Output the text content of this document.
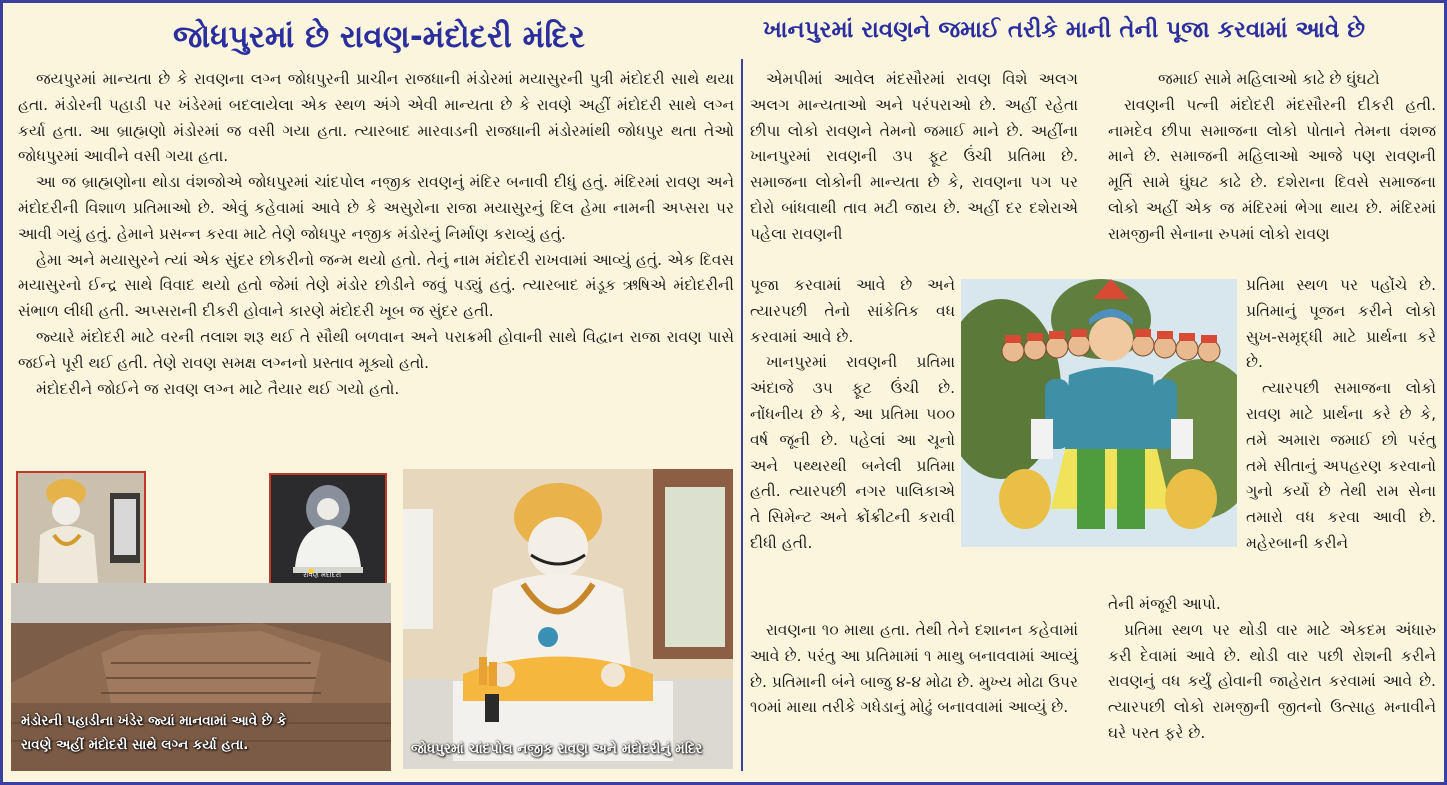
જોધપુરમાં છે રાવણ-મંદોદરી મંદિર	ખાનપુરમાં રાવણને જમાઈ તરીકે માની તેની પૂજા કરવામાં આવે છે

જયપુરમાં માન્યતા છે કે રાવણના લગ્ન જોધપુરની પ્રાચીન રાજધાની મંડોરમાં મયાસુરની પુત્રી મંદોદરી સાથે થયા હતા. મંડોરની પહાડી પર ખંડેરમાં બદલાયેલા એક સ્થળ અંગે એવી માન્યતા છે કે રાવણે અહીં મંદોદરી સાથે લગ્ન કર્યા હતા. આ બ્રાહ્મણો મંડોરમાં જ વસી ગયા હતા. ત્યારબાદ મારવાડની રાજધાની મંડોરમાંથી જોધપુર થતા તેઓ જોધપુરમાં આવીને વસી ગયા હતા.

આ જ બ્રાહ્મણોના થોડા વંશજોએ જોધપુરમાં ચાંદપોલ નજીક રાવણનું મંદિર બનાવી દીધું હતું. મંદિરમાં રાવણ અને મંદોદરીની વિશાળ પ્રતિમાઓ છે. એવું કહેવામાં આવે છે કે અસુરોના રાજા મયાસુરનું દિલ હેમા નામની અપ્સરા પર આવી ગયું હતું. હેમાને પ્રસન્ન કરવા માટે તેણે જોધપુર નજીક મંડોરનું નિર્માણ કરાવ્યું હતું.

હેમા અને મયાસુરને ત્યાં એક સુંદર છોકરીનો જન્મ થયો હતો. તેનું નામ મંદોદરી રાખવામાં આવ્યું હતું. એક દિવસ મયાસુરનો ઈન્દ્ર સાથે વિવાદ થયો હતો જેમાં તેણે મંડોર છોડીને જવું પડ્યું હતું. ત્યારબાદ મંડૂક ઋષિએ મંદોદરીની સંભાળ લીધી હતી. અપ્સરાની દીકરી હોવાને કારણે મંદોદરી ખૂબ જ સુંદર હતી.

જ્યારે મંદોદરી માટે વરની તલાશ શરૂ થઈ તે સૌથી બળવાન અને પરાક્રમી હોવાની સાથે વિદ્વાન રાજા રાવણ પાસે જઈને પૂરી થઈ હતી. તેણે રાવણ સમક્ષ લગ્નનો પ્રસ્તાવ મૂક્યો હતો.

મંદોદરીને જોઈને જ રાવણ લગ્ન માટે તૈયાર થઈ ગયો હતો.

રાવણ મંદોદરી
મંડોરની પહાડીના ખંડેર જ્યાં માનવામાં આવે છે કે
રાવણે અહીં મંદોદરી સાથે લગ્ન કર્યા હતા.	જોધપુરમાં ચાંદપોલ નજીક રાવણ અને મંદોદરીનું મંદિર

એમપીમાં આવેલ મંદસૌરમાં રાવણ વિશે અલગ અલગ માન્યતાઓ અને પરંપરાઓ છે. અહીં રહેતા છીપા લોકો રાવણને તેમનો જમાઈ માને છે. અહીંના ખાનપુરમાં રાવણની ૩૫ ફૂટ ઉંચી પ્રતિમા છે. સમાજના લોકોની માન્યતા છે કે, રાવણના પગ પર દોરો બાંધવાથી તાવ મટી જાય છે. અહીં દર દશેરાએ પહેલા રાવણની

પૂજા કરવામાં આવે છે અને ત્યારપછી તેનો સાંકેતિક વધ કરવામાં આવે છે.

ખાનપુરમાં રાવણની પ્રતિમા અંદાજે ૩૫ ફૂટ ઉંચી છે. નોંધનીય છે કે, આ પ્રતિમા ૫૦૦ વર્ષ જૂની છે. પહેલાં આ ચૂનો અને પથ્થરથી બનેલી પ્રતિમા હતી. ત્યારપછી નગર પાલિકાએ તે સિમેન્ટ અને ક્રોંક્રીટની કરાવી દીધી હતી.

રાવણના ૧૦ માથા હતા. તેથી તેને દશાનન કહેવામાં આવે છે. પરંતુ આ પ્રતિમામાં ૧ માથુ બનાવવામાં આવ્યું છે. પ્રતિમાની બંને બાજુ ૪-૪ મોઢા છે. મુખ્ય મોઢા ઉપર ૧૦માં માથા તરીકે ગધેડાનું મોઢું બનાવવામાં આવ્યું છે.

જમાઈ સામે મહિલાઓ કાઢે છે ઘુંઘટો

રાવણની પત્ની મંદોદરી મંદસૌરની દીકરી હતી. નામદેવ છીપા સમાજના લોકો પોતાને તેમના વંશજ માને છે. સમાજની મહિલાઓ આજે પણ રાવણની મૂર્તિ સામે ઘુંઘટ કાઢે છે. દશેરાના દિવસે સમાજના લોકો અહીં એક જ મંદિરમાં ભેગા થાય છે. મંદિરમાં રામજીની સેનાના રુપમાં લોકો રાવણ

પ્રતિમા સ્થળ પર પહોંચે છે. પ્રતિમાનું પૂજન કરીને લોકો સુખ-સમૃદ્ધી માટે પ્રાર્થના કરે છે.

ત્યારપછી સમાજના લોકો રાવણ માટે પ્રાર્થના કરે છે કે, તમે અમારા જમાઈ છો પરંતુ તમે સીતાનું અપહરણ કરવાનો ગુનો કર્યો છે તેથી રામ સેના તમારો વધ કરવા આવી છે. મહેરબાની કરીને

તેની મંજૂરી આપો.

પ્રતિમા સ્થળ પર થોડી વાર માટે એકદમ અંધારુ કરી દેવામાં આવે છે. થોડી વાર પછી રોશની કરીને રાવણનું વધ કર્યું હોવાની જાહેરાત કરવામાં આવે છે. ત્યારપછી લોકો રામજીની જીતનો ઉત્સાહ મનાવીને ઘરે પરત ફરે છે.
